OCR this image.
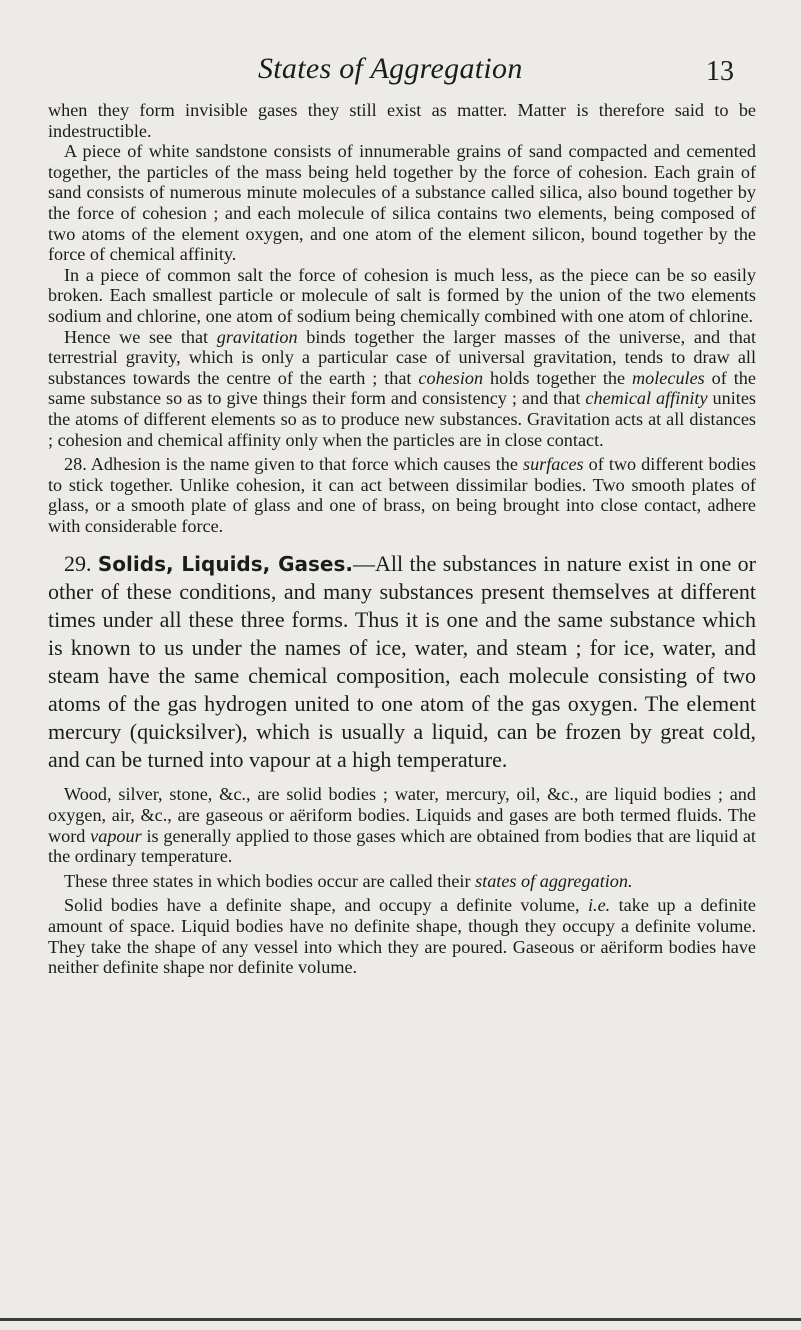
States of Aggregation	13

when they form invisible gases they still exist as matter. Matter is therefore said to be indestructible.

A piece of white sandstone consists of innumerable grains of sand compacted and cemented together, the particles of the mass being held together by the force of cohesion. Each grain of sand consists of numerous minute molecules of a substance called silica, also bound together by the force of cohesion ; and each molecule of silica contains two elements, being composed of two atoms of the element oxygen, and one atom of the element silicon, bound together by the force of chemical affinity.

In a piece of common salt the force of cohesion is much less, as the piece can be so easily broken. Each smallest particle or molecule of salt is formed by the union of the two elements sodium and chlorine, one atom of sodium being chemically combined with one atom of chlorine.

Hence we see that gravitation binds together the larger masses of the universe, and that terrestrial gravity, which is only a particular case of universal gravitation, tends to draw all substances towards the centre of the earth ; that cohesion holds together the molecules of the same substance so as to give things their form and consistency ; and that chemical affinity unites the atoms of different elements so as to produce new substances. Gravitation acts at all distances ; cohesion and chemical affinity only when the particles are in close contact.

28. Adhesion is the name given to that force which causes the surfaces of two different bodies to stick together. Unlike cohesion, it can act between dissimilar bodies. Two smooth plates of glass, or a smooth plate of glass and one of brass, on being brought into close contact, adhere with considerable force.

29. Solids, Liquids, Gases.—All the substances in nature exist in one or other of these conditions, and many substances present themselves at different times under all these three forms. Thus it is one and the same substance which is known to us under the names of ice, water, and steam ; for ice, water, and steam have the same chemical composition, each molecule consisting of two atoms of the gas hydrogen united to one atom of the gas oxygen. The element mercury (quicksilver), which is usually a liquid, can be frozen by great cold, and can be turned into vapour at a high temperature.

Wood, silver, stone, &c., are solid bodies ; water, mercury, oil, &c., are liquid bodies ; and oxygen, air, &c., are gaseous or aëriform bodies. Liquids and gases are both termed fluids. The word vapour is generally applied to those gases which are obtained from bodies that are liquid at the ordinary temperature.

These three states in which bodies occur are called their states of aggregation.

Solid bodies have a definite shape, and occupy a definite volume, i.e. take up a definite amount of space. Liquid bodies have no definite shape, though they occupy a definite volume. They take the shape of any vessel into which they are poured. Gaseous or aëriform bodies have neither definite shape nor definite volume.
